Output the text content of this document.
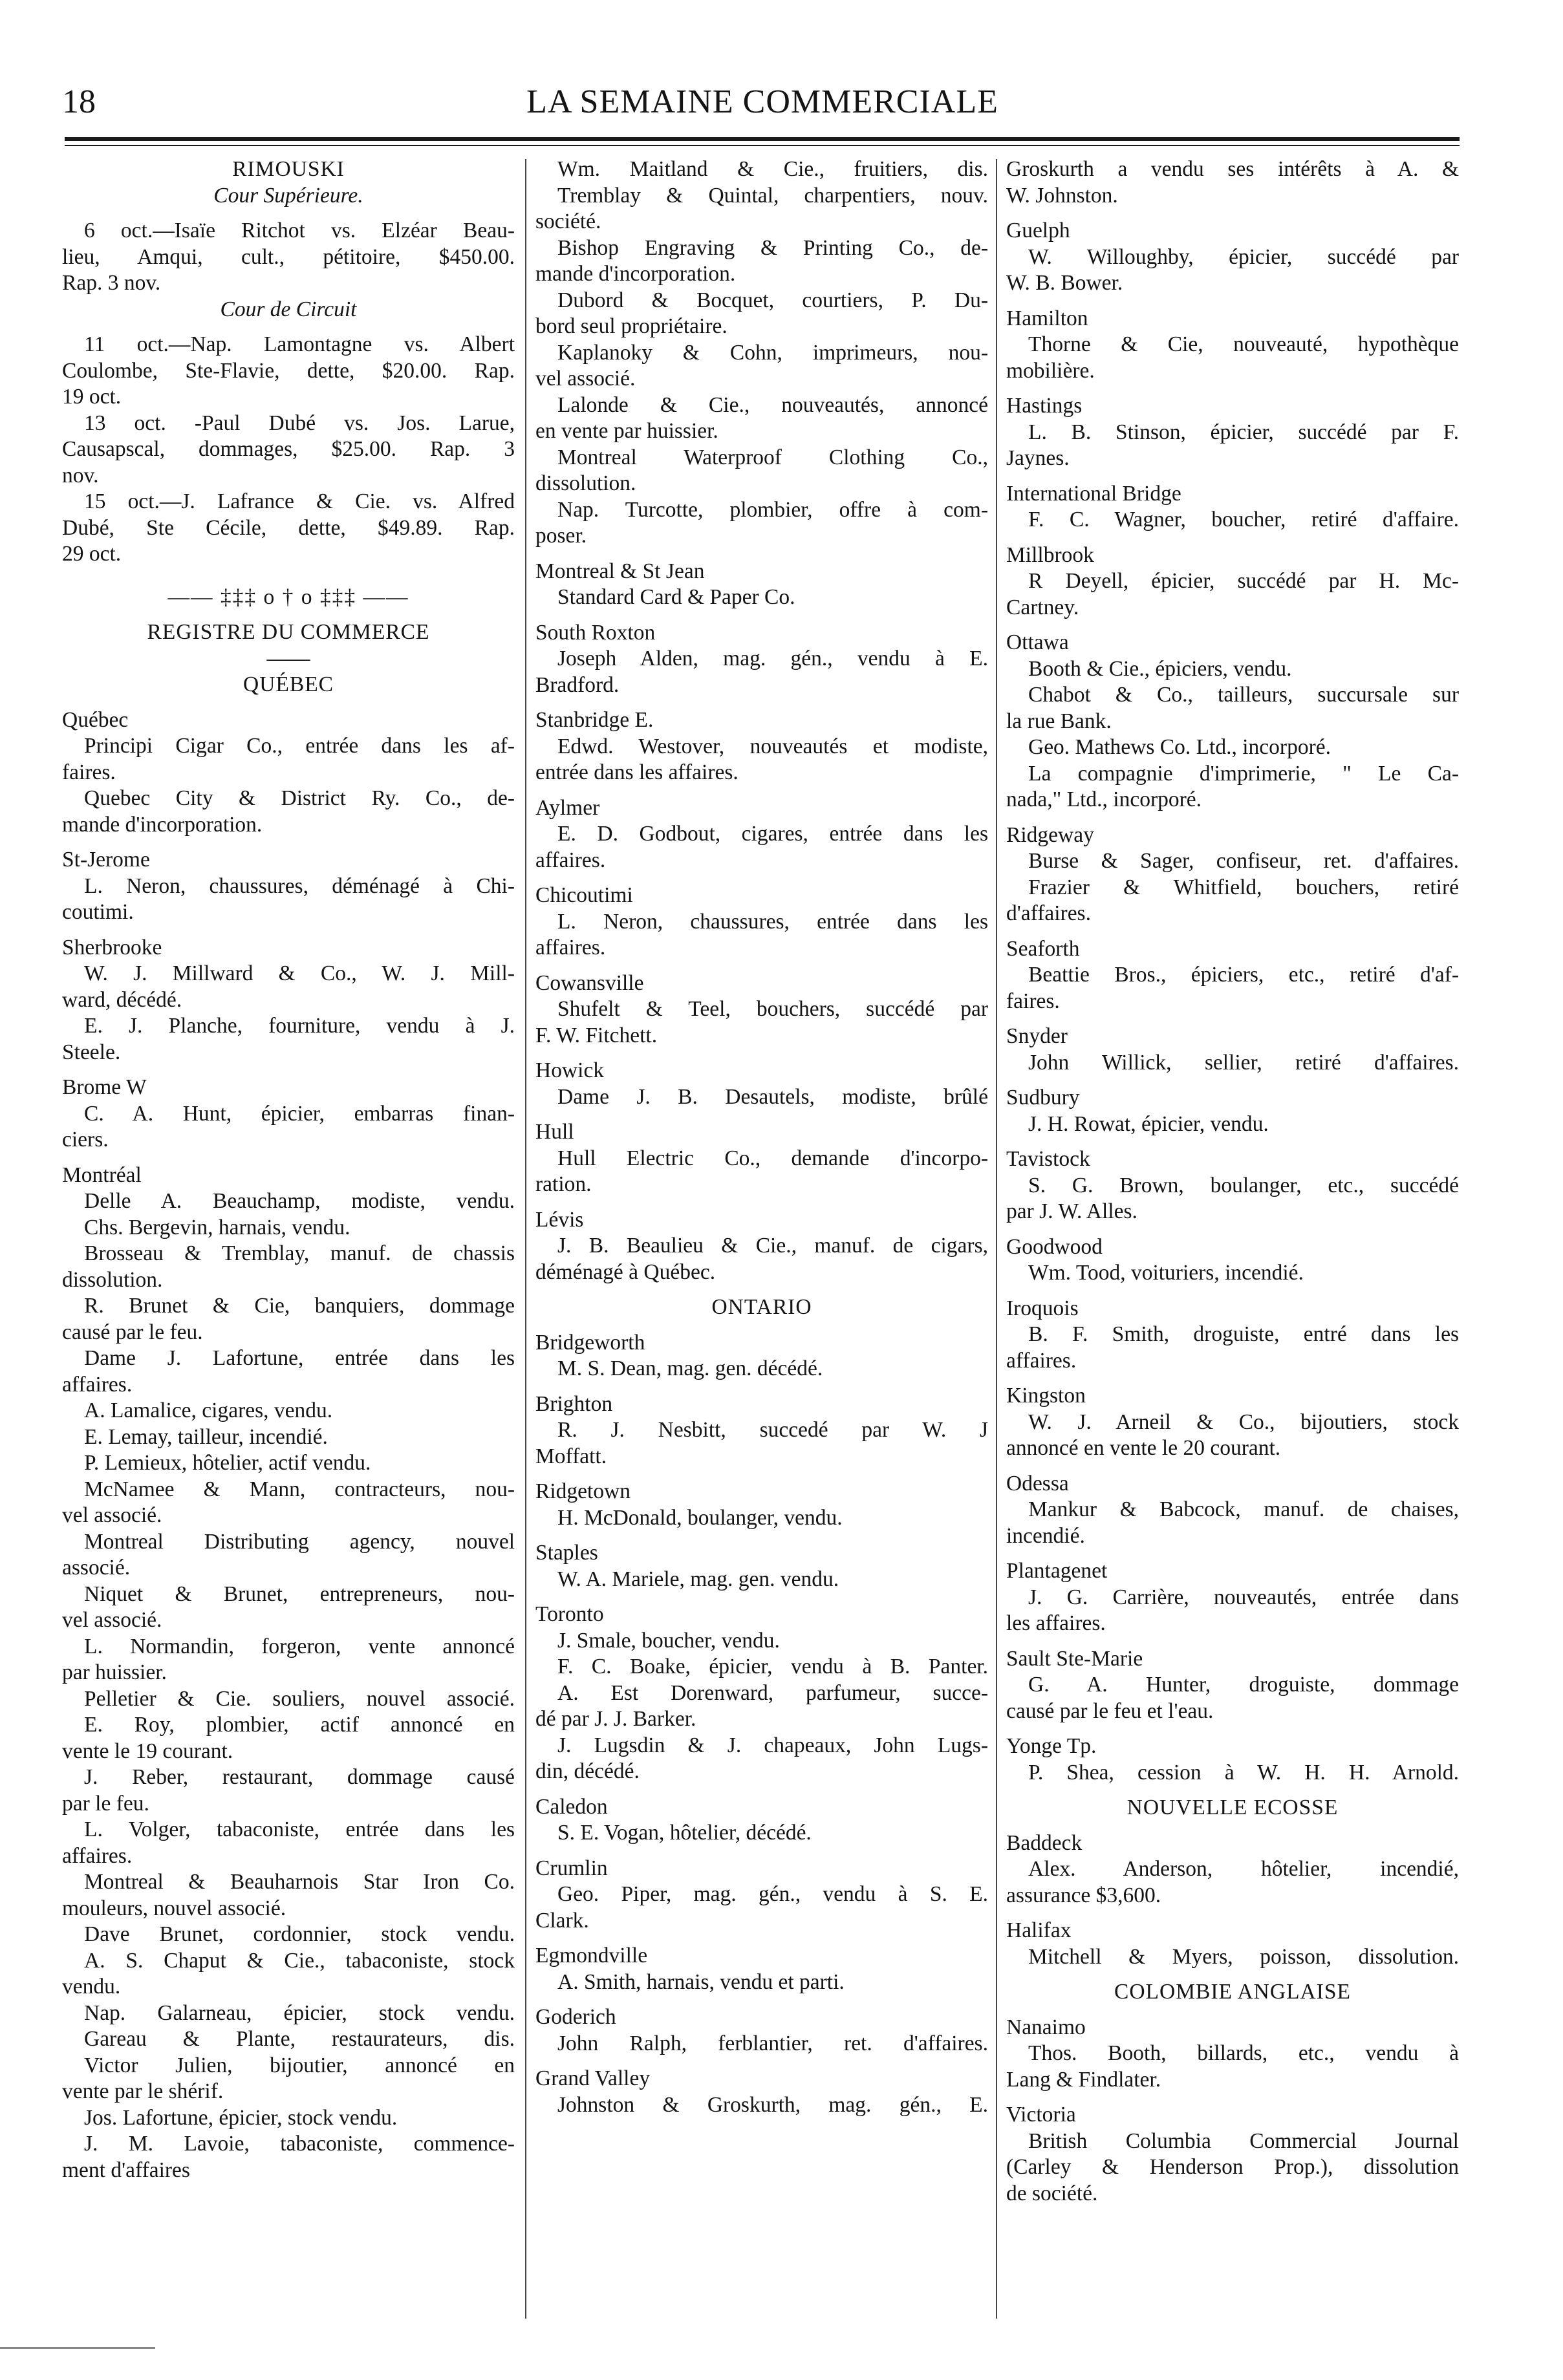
18	LA SEMAINE COMMERCIALE
RIMOUSKI
Cour Supérieure.
6 oct.—Isaïe Ritchot vs. Elzéar Beau-
lieu, Amqui, cult., pétitoire, $450.00.
Rap. 3 nov.
Cour de Circuit
11 oct.—Nap. Lamontagne vs. Albert
Coulombe, Ste-Flavie, dette, $20.00. Rap.
19 oct.
13 oct. -Paul Dubé vs. Jos. Larue,
Causapscal, dommages, $25.00. Rap. 3
nov.
15 oct.—J. Lafrance & Cie. vs. Alfred
Dubé, Ste Cécile, dette, $49.89. Rap.
29 oct.
—— ‡‡‡ o † o ‡‡‡ ——
REGISTRE DU COMMERCE
——
QUÉBEC
Québec
Principi Cigar Co., entrée dans les af-
faires.
Quebec City & District Ry. Co., de-
mande d'incorporation.
St-Jerome
L. Neron, chaussures, déménagé à Chi-
coutimi.
Sherbrooke
W. J. Millward & Co., W. J. Mill-
ward, décédé.
E. J. Planche, fourniture, vendu à J.
Steele.
Brome W
C. A. Hunt, épicier, embarras finan-
ciers.
Montréal
Delle A. Beauchamp, modiste, vendu.
Chs. Bergevin, harnais, vendu.
Brosseau & Tremblay, manuf. de chassis
dissolution.
R. Brunet & Cie, banquiers, dommage
causé par le feu.
Dame J. Lafortune, entrée dans les
affaires.
A. Lamalice, cigares, vendu.
E. Lemay, tailleur, incendié.
P. Lemieux, hôtelier, actif vendu.
McNamee & Mann, contracteurs, nou-
vel associé.
Montreal Distributing agency, nouvel
associé.
Niquet & Brunet, entrepreneurs, nou-
vel associé.
L. Normandin, forgeron, vente annoncé
par huissier.
Pelletier & Cie. souliers, nouvel associé.
E. Roy, plombier, actif annoncé en
vente le 19 courant.
J. Reber, restaurant, dommage causé
par le feu.
L. Volger, tabaconiste, entrée dans les
affaires.
Montreal & Beauharnois Star Iron Co.
mouleurs, nouvel associé.
Dave Brunet, cordonnier, stock vendu.
A. S. Chaput & Cie., tabaconiste, stock
vendu.
Nap. Galarneau, épicier, stock vendu.
Gareau & Plante, restaurateurs, dis.
Victor Julien, bijoutier, annoncé en
vente par le shérif.
Jos. Lafortune, épicier, stock vendu.
J. M. Lavoie, tabaconiste, commence-
ment d'affaires
Wm. Maitland & Cie., fruitiers, dis.
Tremblay & Quintal, charpentiers, nouv.
société.
Bishop Engraving & Printing Co., de-
mande d'incorporation.
Dubord & Bocquet, courtiers, P. Du-
bord seul propriétaire.
Kaplanoky & Cohn, imprimeurs, nou-
vel associé.
Lalonde & Cie., nouveautés, annoncé
en vente par huissier.
Montreal Waterproof Clothing Co.,
dissolution.
Nap. Turcotte, plombier, offre à com-
poser.
Montreal & St Jean
Standard Card & Paper Co.
South Roxton
Joseph Alden, mag. gén., vendu à E.
Bradford.
Stanbridge E.
Edwd. Westover, nouveautés et modiste,
entrée dans les affaires.
Aylmer
E. D. Godbout, cigares, entrée dans les
affaires.
Chicoutimi
L. Neron, chaussures, entrée dans les
affaires.
Cowansville
Shufelt & Teel, bouchers, succédé par
F. W. Fitchett.
Howick
Dame J. B. Desautels, modiste, brûlé
Hull
Hull Electric Co., demande d'incorpo-
ration.
Lévis
J. B. Beaulieu & Cie., manuf. de cigars,
déménagé à Québec.
ONTARIO
Bridgeworth
M. S. Dean, mag. gen. décédé.
Brighton
R. J. Nesbitt, succedé par W. J
Moffatt.
Ridgetown
H. McDonald, boulanger, vendu.
Staples
W. A. Mariele, mag. gen. vendu.
Toronto
J. Smale, boucher, vendu.
F. C. Boake, épicier, vendu à B. Panter.
A. Est Dorenward, parfumeur, succe-
dé par J. J. Barker.
J. Lugsdin & J. chapeaux, John Lugs-
din, décédé.
Caledon
S. E. Vogan, hôtelier, décédé.
Crumlin
Geo. Piper, mag. gén., vendu à S. E.
Clark.
Egmondville
A. Smith, harnais, vendu et parti.
Goderich
John Ralph, ferblantier, ret. d'affaires.
Grand Valley
Johnston & Groskurth, mag. gén., E.
Groskurth a vendu ses intérêts à A. &
W. Johnston.
Guelph
W. Willoughby, épicier, succédé par
W. B. Bower.
Hamilton
Thorne & Cie, nouveauté, hypothèque
mobilière.
Hastings
L. B. Stinson, épicier, succédé par F.
Jaynes.
International Bridge
F. C. Wagner, boucher, retiré d'affaire.
Millbrook
R Deyell, épicier, succédé par H. Mc-
Cartney.
Ottawa
Booth & Cie., épiciers, vendu.
Chabot & Co., tailleurs, succursale sur
la rue Bank.
Geo. Mathews Co. Ltd., incorporé.
La compagnie d'imprimerie, " Le Ca-
nada," Ltd., incorporé.
Ridgeway
Burse & Sager, confiseur, ret. d'affaires.
Frazier & Whitfield, bouchers, retiré
d'affaires.
Seaforth
Beattie Bros., épiciers, etc., retiré d'af-
faires.
Snyder
John Willick, sellier, retiré d'affaires.
Sudbury
J. H. Rowat, épicier, vendu.
Tavistock
S. G. Brown, boulanger, etc., succédé
par J. W. Alles.
Goodwood
Wm. Tood, voituriers, incendié.
Iroquois
B. F. Smith, droguiste, entré dans les
affaires.
Kingston
W. J. Arneil & Co., bijoutiers, stock
annoncé en vente le 20 courant.
Odessa
Mankur & Babcock, manuf. de chaises,
incendié.
Plantagenet
J. G. Carrière, nouveautés, entrée dans
les affaires.
Sault Ste-Marie
G. A. Hunter, droguiste, dommage
causé par le feu et l'eau.
Yonge Tp.
P. Shea, cession à W. H. H. Arnold.
NOUVELLE ECOSSE
Baddeck
Alex. Anderson, hôtelier, incendié,
assurance $3,600.
Halifax
Mitchell & Myers, poisson, dissolution.
COLOMBIE ANGLAISE
Nanaimo
Thos. Booth, billards, etc., vendu à
Lang & Findlater.
Victoria
British Columbia Commercial Journal
(Carley & Henderson Prop.), dissolution
de société.
